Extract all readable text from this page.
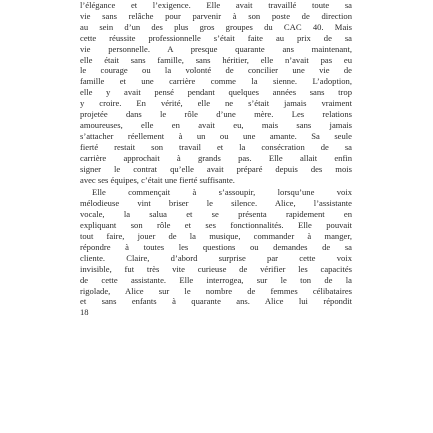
l’élégance et l’exigence. Elle avait travaillé toute sa
vie sans relâche pour parvenir à son poste de direction
au sein d’un des plus gros groupes du CAC 40. Mais
cette réussite professionnelle s’était faite au prix de sa
vie personnelle. A presque quarante ans maintenant,
elle était sans famille, sans héritier, elle n’avait pas eu
le courage ou la volonté de concilier une vie de
famille et une carrière comme la sienne. L’adoption,
elle y avait pensé pendant quelques années sans trop
y croire. En vérité, elle ne s’était jamais vraiment
projetée dans le rôle d’une mère. Les relations
amoureuses, elle en avait eu, mais sans jamais
s’attacher réellement à un ou une amante. Sa seule
fierté restait son travail et la consécration de sa
carrière approchait à grands pas. Elle allait enfin
signer le contrat qu’elle avait préparé depuis des mois
avec ses équipes, c’était une fierté suffisante.
Elle commençait à s’assoupir, lorsqu’une voix
mélodieuse vint briser le silence. Alice, l’assistante
vocale, la salua et se présenta rapidement en
expliquant son rôle et ses fonctionnalités. Elle pouvait
tout faire, jouer de la musique, commander à manger,
répondre à toutes les questions ou demandes de sa
cliente. Claire, d’abord surprise par cette voix
invisible, fut très vite curieuse de vérifier les capacités
de cette assistante. Elle interrogea, sur le ton de la
rigolade, Alice sur le nombre de femmes célibataires
et sans enfants à quarante ans. Alice lui répondit
18
